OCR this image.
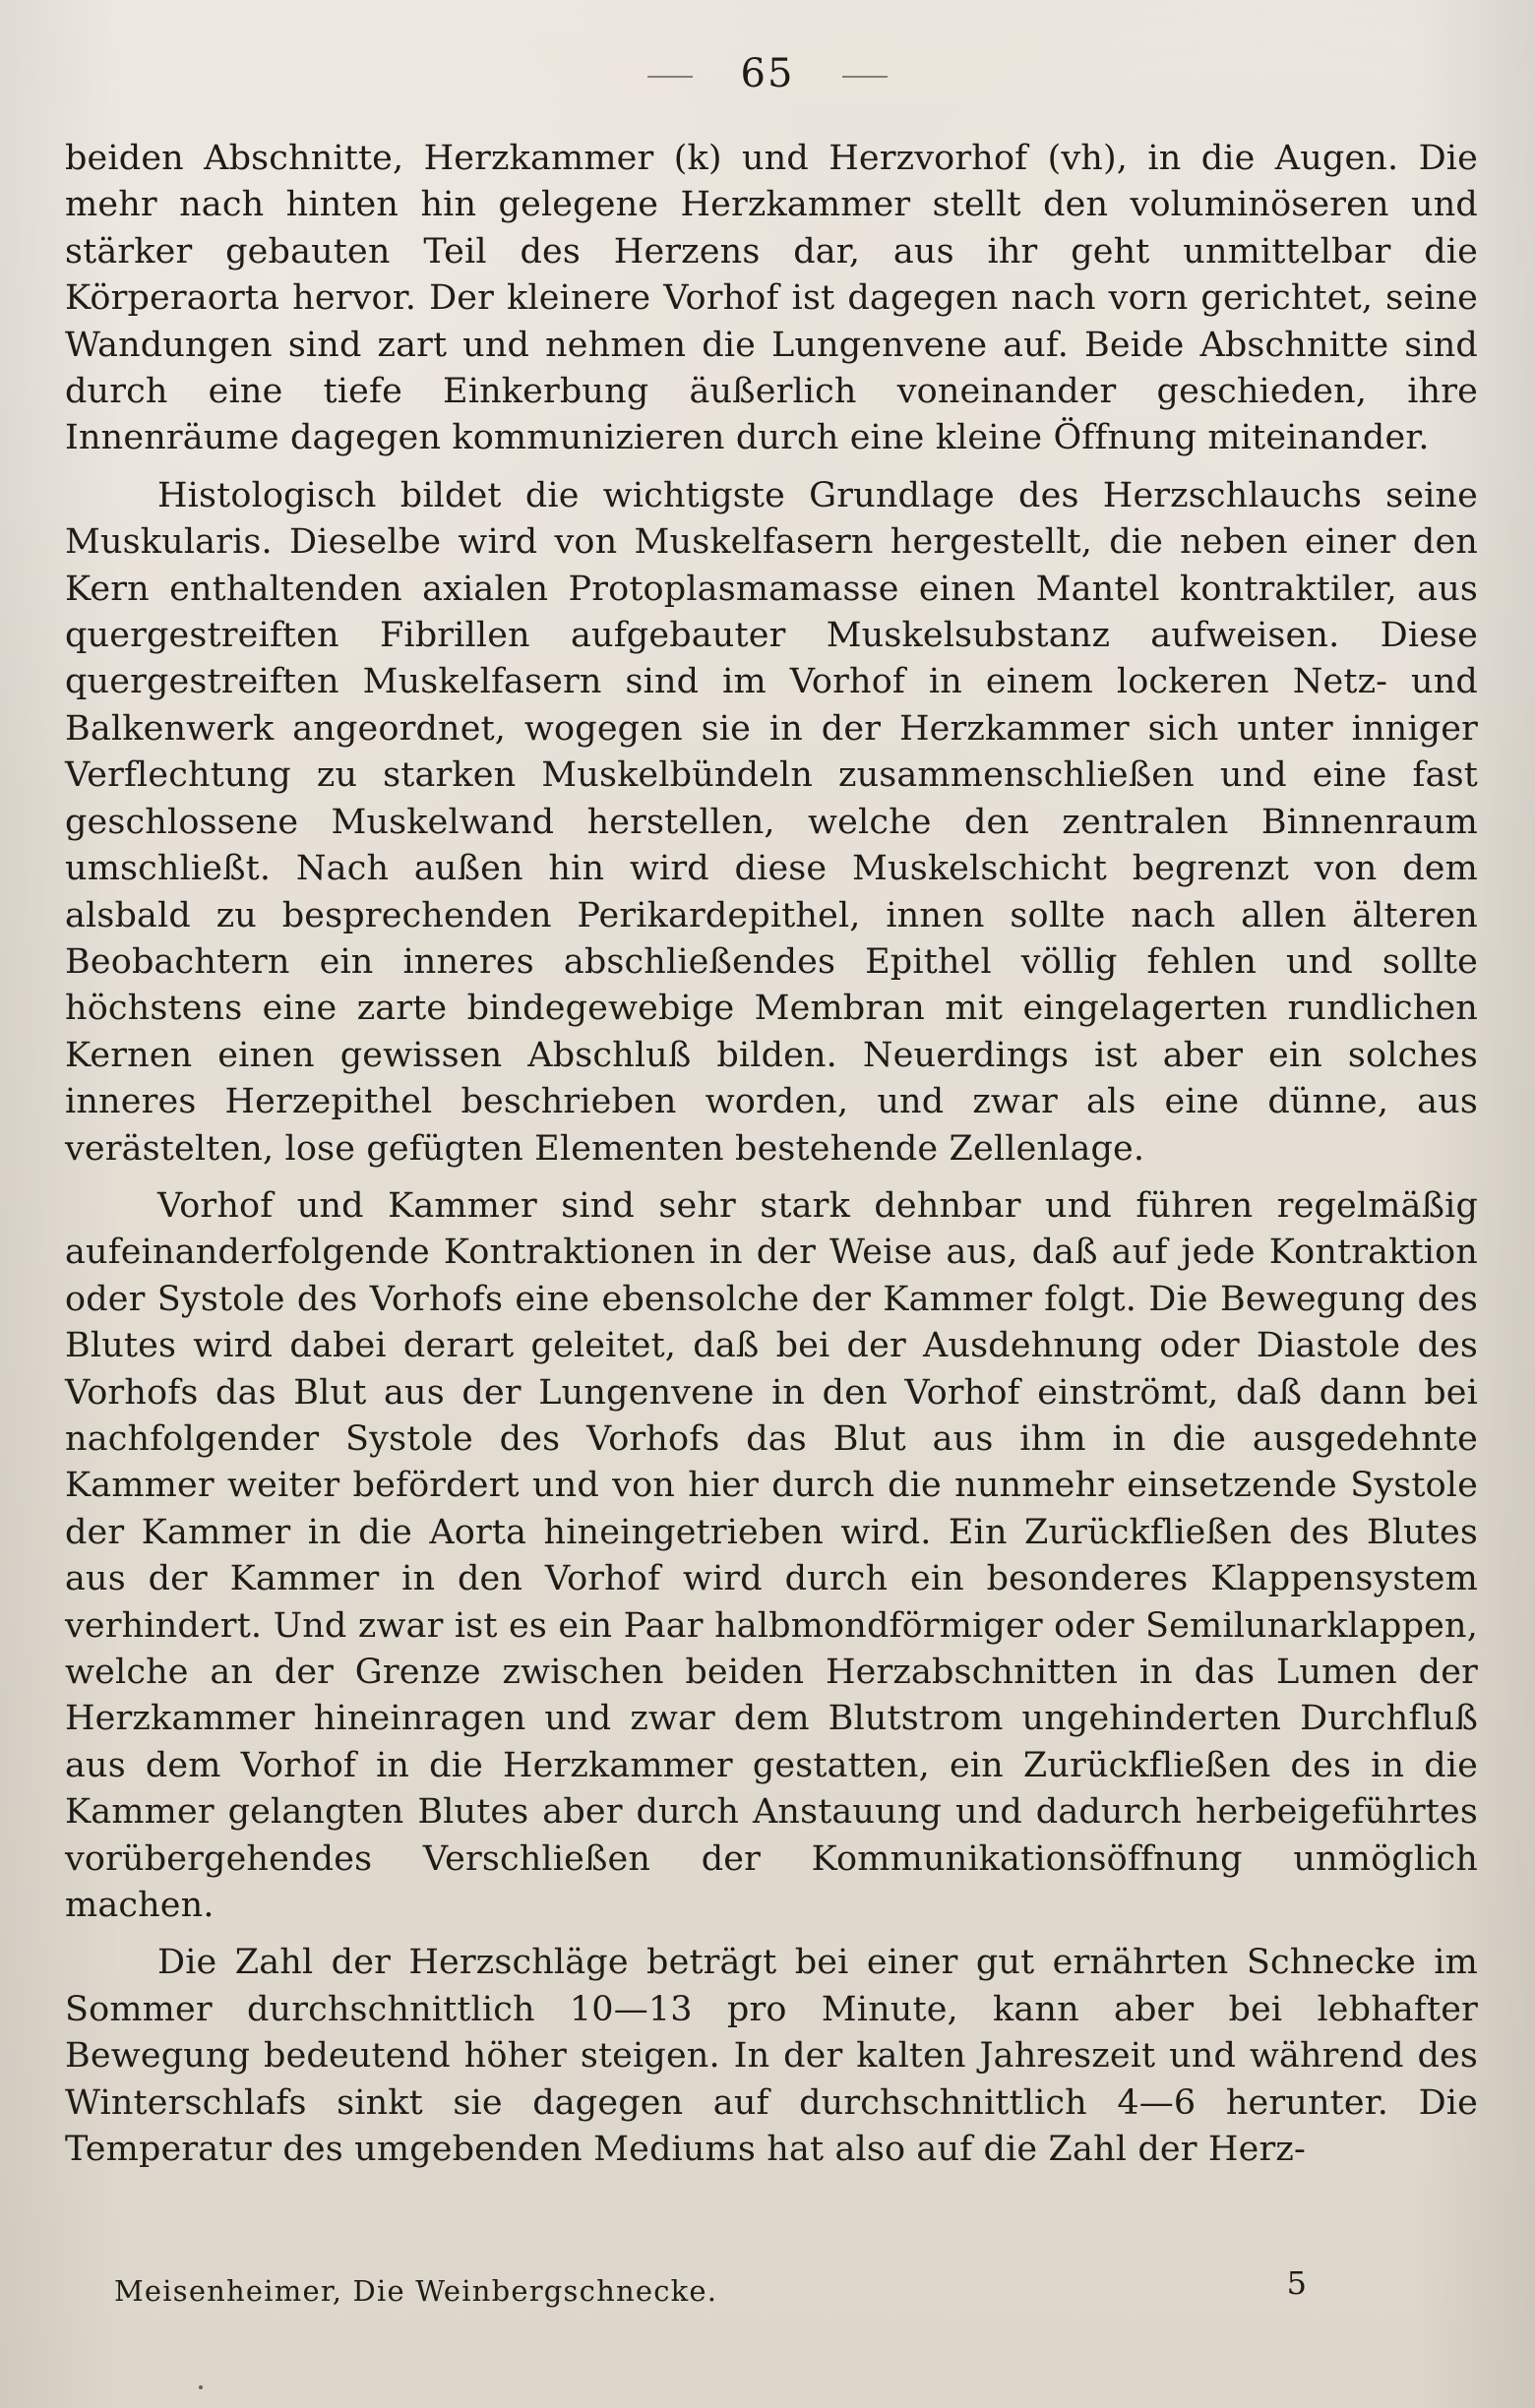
65

beiden Abschnitte, Herzkammer (k) und Herzvorhof (vh), in die Augen. Die mehr nach hinten hin gelegene Herzkammer stellt den voluminöseren und stärker gebauten Teil des Herzens dar, aus ihr geht unmittelbar die Körperaorta hervor. Der kleinere Vorhof ist dagegen nach vorn gerichtet, seine Wandungen sind zart und nehmen die Lungenvene auf. Beide Abschnitte sind durch eine tiefe Einkerbung äußerlich voneinander geschieden, ihre Innenräume dagegen kommunizieren durch eine kleine Öffnung miteinander.

Histologisch bildet die wichtigste Grundlage des Herzschlauchs seine Muskularis. Dieselbe wird von Muskelfasern hergestellt, die neben einer den Kern enthaltenden axialen Protoplasmamasse einen Mantel kontraktiler, aus quergestreiften Fibrillen aufgebauter Muskelsubstanz aufweisen. Diese quergestreiften Muskelfasern sind im Vorhof in einem lockeren Netz- und Balkenwerk angeordnet, wogegen sie in der Herzkammer sich unter inniger Verflechtung zu starken Muskelbündeln zusammenschließen und eine fast geschlossene Muskelwand herstellen, welche den zentralen Binnenraum umschließt. Nach außen hin wird diese Muskelschicht begrenzt von dem alsbald zu besprechenden Perikardepithel, innen sollte nach allen älteren Beobachtern ein inneres abschließendes Epithel völlig fehlen und sollte höchstens eine zarte bindegewebige Membran mit eingelagerten rundlichen Kernen einen gewissen Abschluß bilden. Neuerdings ist aber ein solches inneres Herzepithel beschrieben worden, und zwar als eine dünne, aus verästelten, lose gefügten Elementen bestehende Zellenlage.

Vorhof und Kammer sind sehr stark dehnbar und führen regelmäßig aufeinanderfolgende Kontraktionen in der Weise aus, daß auf jede Kontraktion oder Systole des Vorhofs eine ebensolche der Kammer folgt. Die Bewegung des Blutes wird dabei derart geleitet, daß bei der Ausdehnung oder Diastole des Vorhofs das Blut aus der Lungenvene in den Vorhof einströmt, daß dann bei nachfolgender Systole des Vorhofs das Blut aus ihm in die ausgedehnte Kammer weiter befördert und von hier durch die nunmehr einsetzende Systole der Kammer in die Aorta hineingetrieben wird. Ein Zurückfließen des Blutes aus der Kammer in den Vorhof wird durch ein besonderes Klappensystem verhindert. Und zwar ist es ein Paar halbmondförmiger oder Semilunarklappen, welche an der Grenze zwischen beiden Herzabschnitten in das Lumen der Herzkammer hineinragen und zwar dem Blutstrom ungehinderten Durchfluß aus dem Vorhof in die Herzkammer gestatten, ein Zurückfließen des in die Kammer gelangten Blutes aber durch Anstauung und dadurch herbeigeführtes vorübergehendes Verschließen der Kommunikationsöffnung unmöglich machen.

Die Zahl der Herzschläge beträgt bei einer gut ernährten Schnecke im Sommer durchschnittlich 10—13 pro Minute, kann aber bei lebhafter Bewegung bedeutend höher steigen. In der kalten Jahreszeit und während des Winterschlafs sinkt sie dagegen auf durchschnittlich 4—6 herunter. Die Temperatur des umgebenden Mediums hat also auf die Zahl der Herz-

Meisenheimer, Die Weinbergschnecke.	5
